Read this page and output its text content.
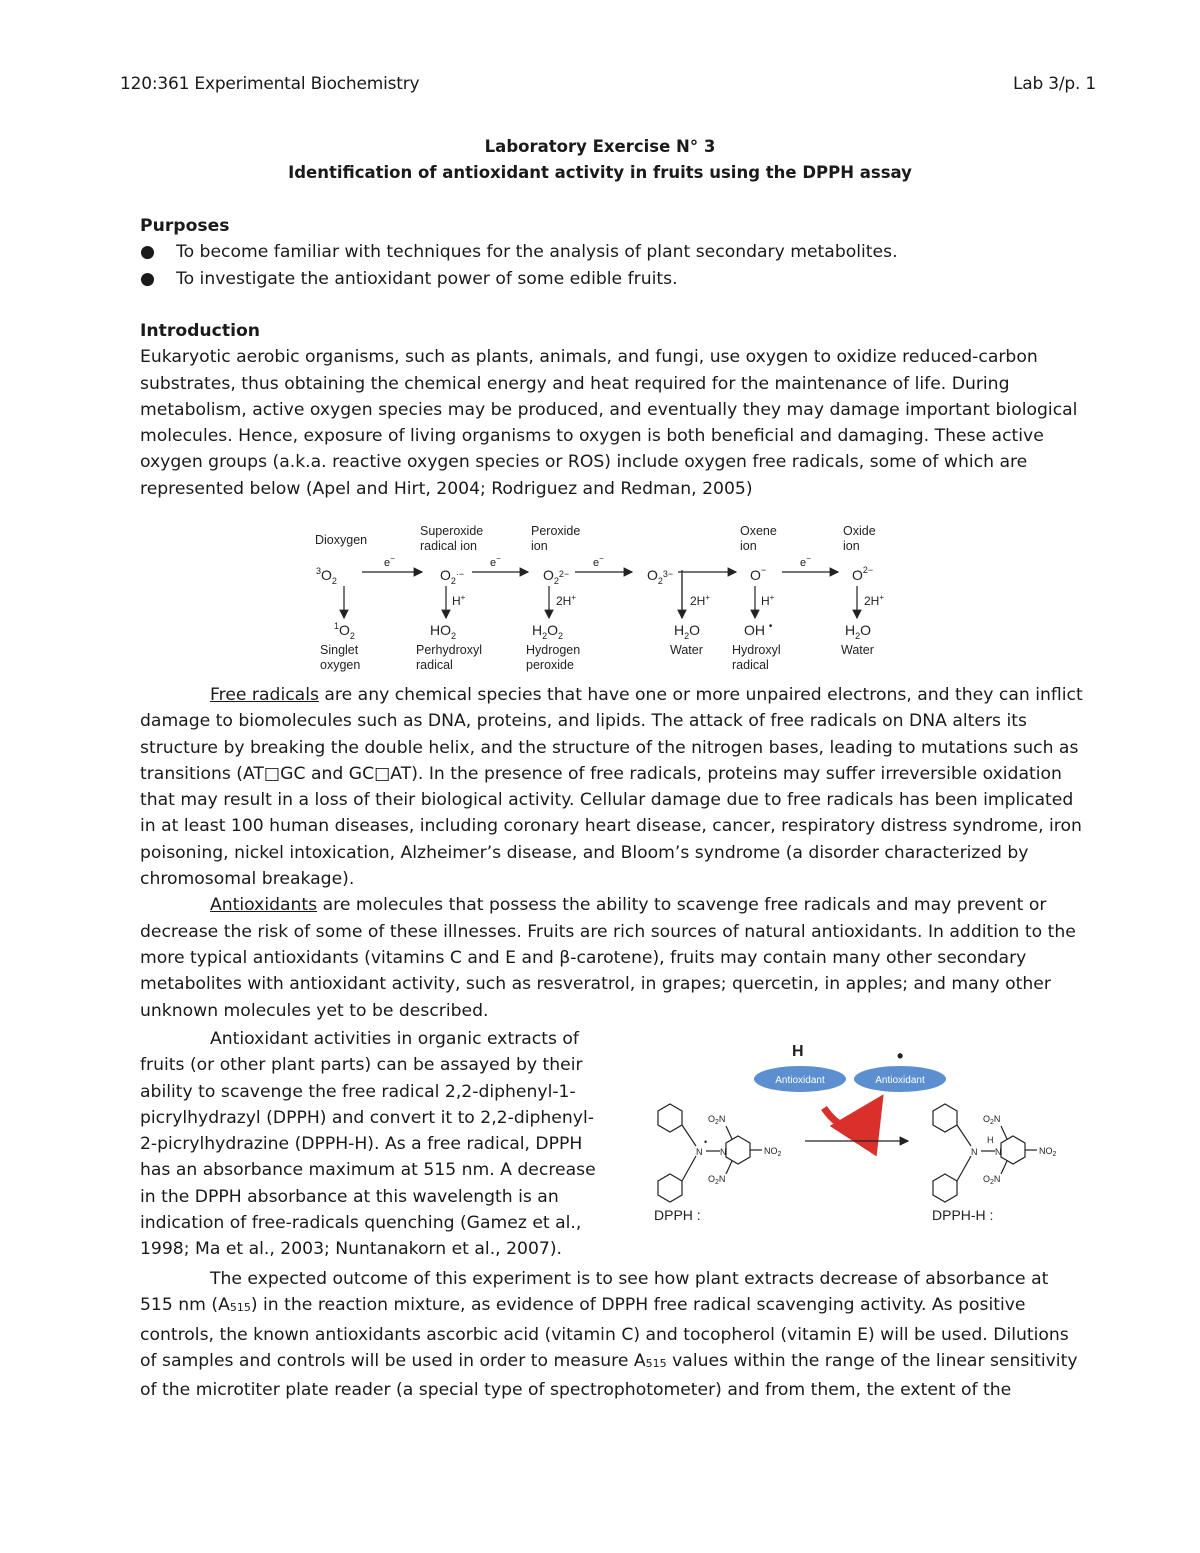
120:361 Experimental Biochemistry	Lab 3/p. 1
Laboratory Exercise N° 3
Identification of antioxidant activity in fruits using the DPPH assay
Purposes
● To become familiar with techniques for the analysis of plant secondary metabolites.
● To investigate the antioxidant power of some edible fruits.
Introduction
Eukaryotic aerobic organisms, such as plants, animals, and fungi, use oxygen to oxidize reduced-carbon
substrates, thus obtaining the chemical energy and heat required for the maintenance of life. During
metabolism, active oxygen species may be produced, and eventually they may damage important biological
molecules. Hence, exposure of living organisms to oxygen is both beneficial and damaging. These active
oxygen groups (a.k.a. reactive oxygen species or ROS) include oxygen free radicals, some of which are
represented below (Apel and Hirt, 2004; Rodriguez and Redman, 2005)
Dioxygen
Superoxide
radical ion
Peroxide
ion
Oxene
ion
Oxide
ion
$^3O_2$	$O_2^{\cdot-}$	$O_2^{2-}$	$O_2^{3-}$	O−	$O^{2-}$
e−	e−	e−	e−
H+	2H+	2H+	H+	2H+
$^1O_2$	$HO_2$	$H_2O_2$	$H_2O$	OH •	$H_2O$
Singlet
oxygen
Perhydroxyl
radical
Hydrogen
peroxide
Water Hydroxyl
radical
Water
Free radicals are any chemical species that have one or more unpaired electrons, and they can inflict
damage to biomolecules such as DNA, proteins, and lipids. The attack of free radicals on DNA alters its
structure by breaking the double helix, and the structure of the nitrogen bases, leading to mutations such as
transitions (AT□GC and GC□AT). In the presence of free radicals, proteins may suffer irreversible oxidation
that may result in a loss of their biological activity. Cellular damage due to free radicals has been implicated
in at least 100 human diseases, including coronary heart disease, cancer, respiratory distress syndrome, iron
poisoning, nickel intoxication, Alzheimer’s disease, and Bloom’s syndrome (a disorder characterized by
chromosomal breakage).
Antioxidants are molecules that possess the ability to scavenge free radicals and may prevent or
decrease the risk of some of these illnesses. Fruits are rich sources of natural antioxidants. In addition to the
more typical antioxidants (vitamins C and E and β-carotene), fruits may contain many other secondary
metabolites with antioxidant activity, such as resveratrol, in grapes; quercetin, in apples; and many other
unknown molecules yet to be described.
Antioxidant activities in organic extracts of
fruits (or other plant parts) can be assayed by their
ability to scavenge the free radical 2,2-diphenyl-1-
picrylhydrazyl (DPPH) and convert it to 2,2-diphenyl-
2-picrylhydrazine (DPPH-H). As a free radical, DPPH
has an absorbance maximum at 515 nm. A decrease
in the DPPH absorbance at this wavelength is an
indication of free-radicals quenching (Gamez et al.,
1998; Ma et al., 2003; Nuntanakorn et al., 2007).
H	•
Antioxidant	Antioxidant
N
•
N	$NO_2$
$O_2N$
$O_2N$
N
H
N	$NO_2$
$O_2N$
$O_2N$
DPPH :	DPPH-H :
The expected outcome of this experiment is to see how plant extracts decrease of absorbance at
515 nm $(A_{515})$ in the reaction mixture, as evidence of DPPH free radical scavenging activity. As positive
controls, the known antioxidants ascorbic acid (vitamin C) and tocopherol (vitamin E) will be used. Dilutions
of samples and controls will be used in order to measure $A_{515}$ values within the range of the linear sensitivity
of the microtiter plate reader (a special type of spectrophotometer) and from them, the extent of the
